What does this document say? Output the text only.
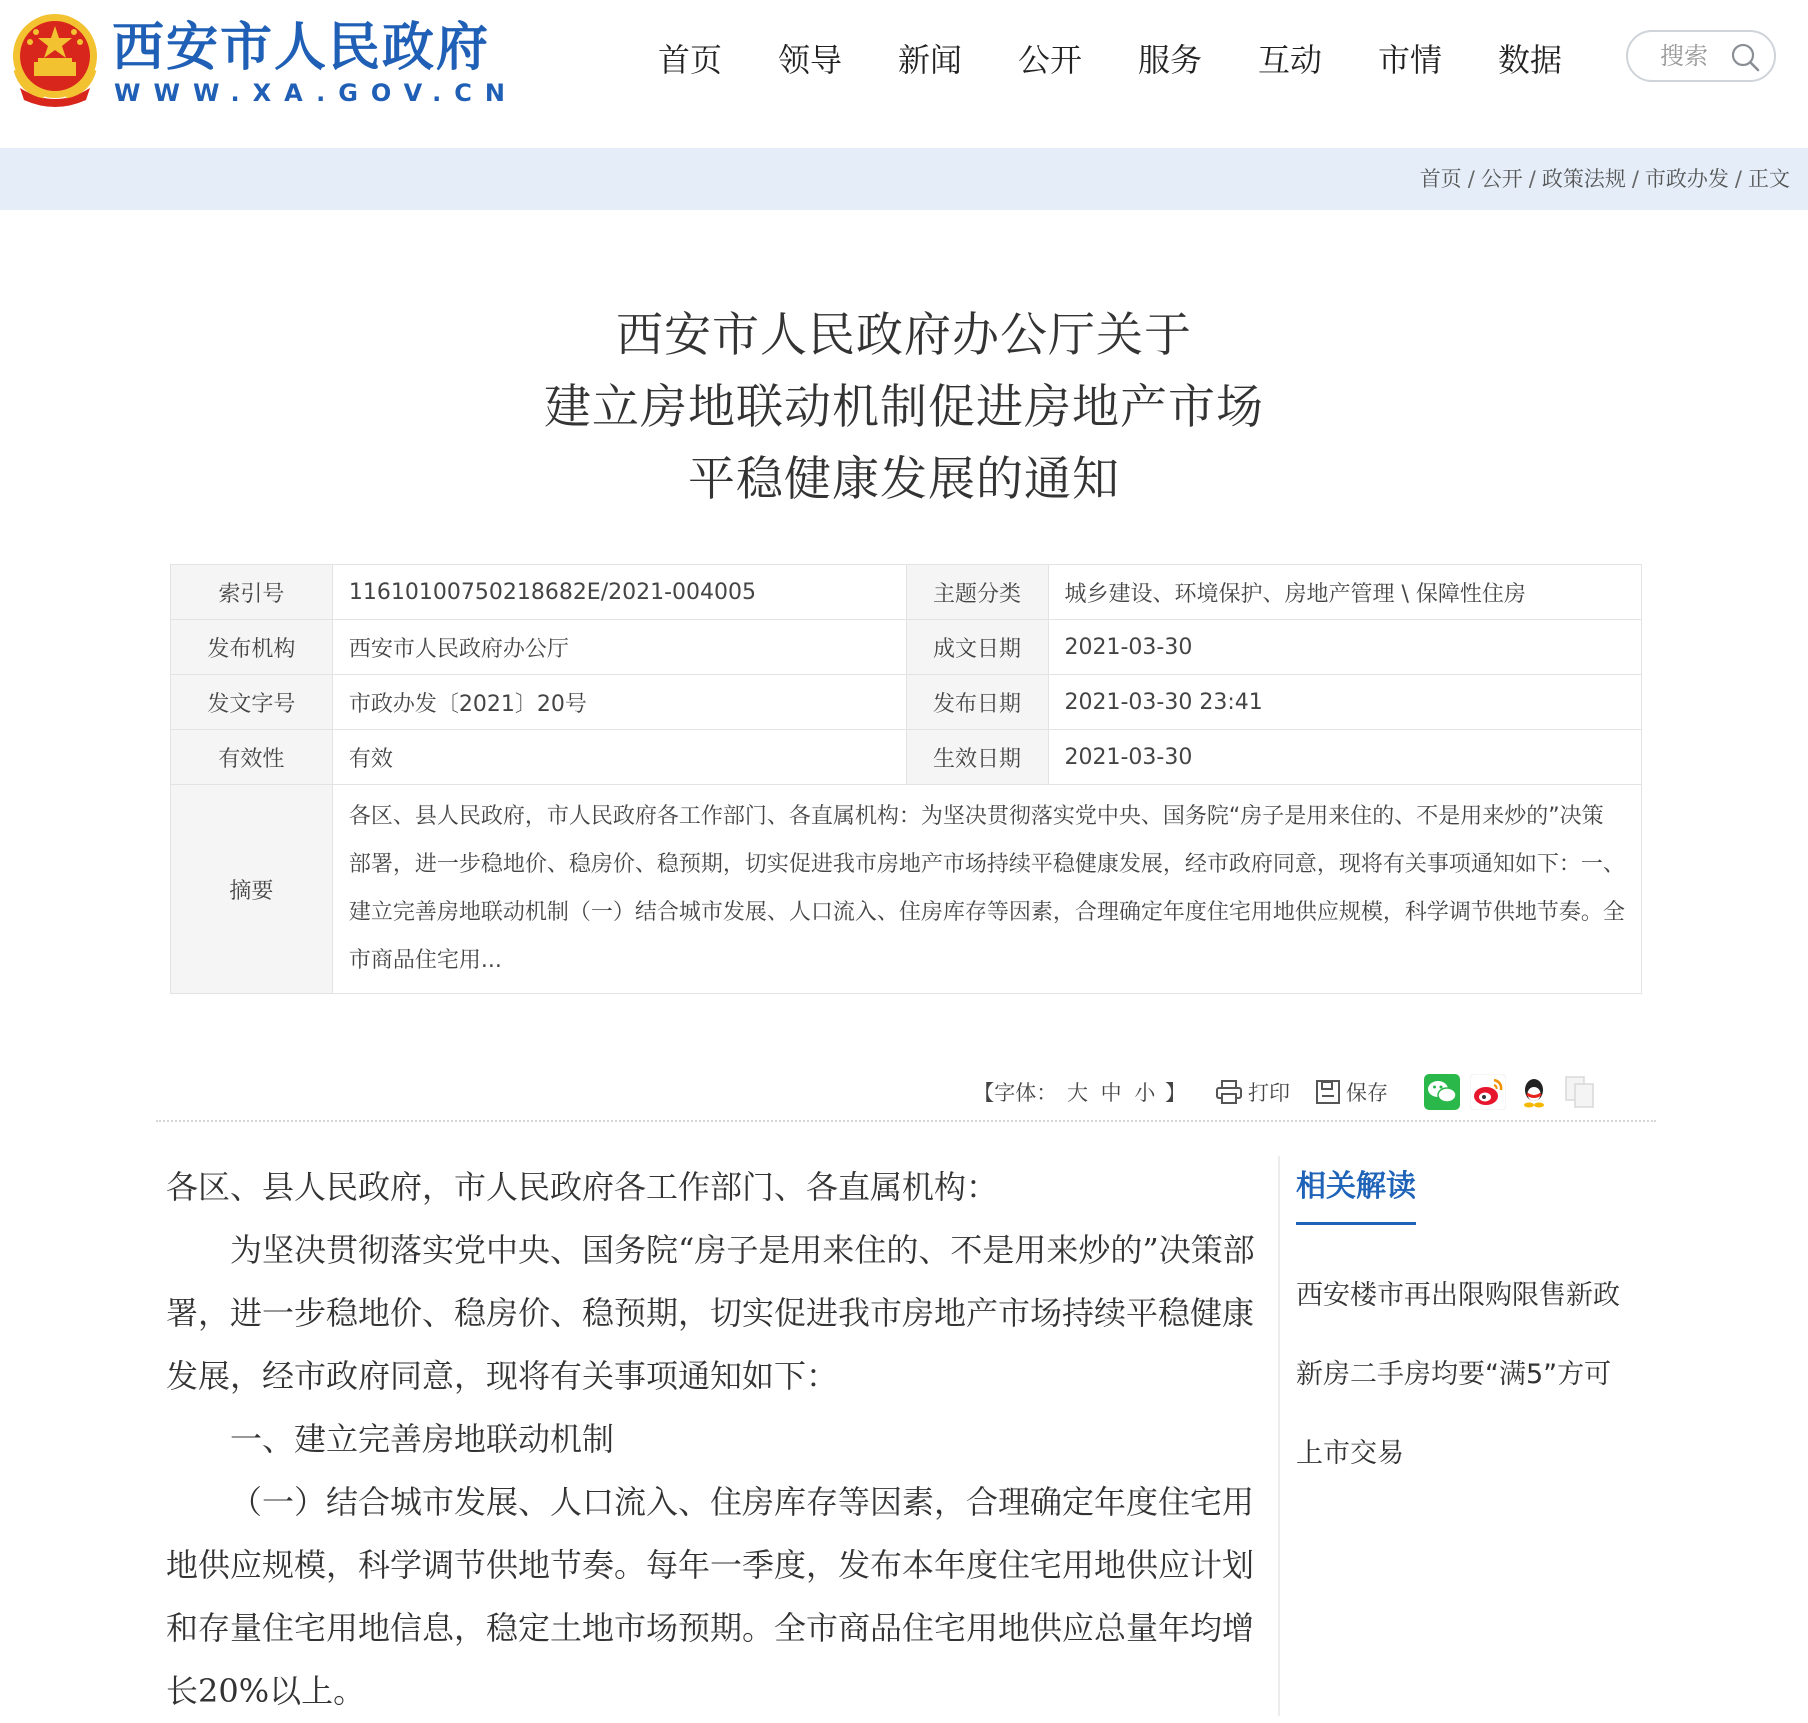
西安市人民政府
WWW.XA.GOV.CN
首页	领导	新闻	公开	服务	互动	市情	数据
搜索
首页 / 公开 / 政策法规 / 市政办发 / 正文
西安市人民政府办公厅关于
建立房地联动机制促进房地产市场
平稳健康发展的通知
索引号	11610100750218682E/2021-004005	主题分类	城乡建设、环境保护、房地产管理 \ 保障性住房
发布机构	西安市人民政府办公厅	成文日期	2021-03-30
发文字号	市政办发〔2021〕20号	发布日期	2021-03-30 23:41
有效性	有效	生效日期	2021-03-30
摘要	各区、县人民政府，市人民政府各工作部门、各直属机构：为坚决贯彻落实党中央、国务院“房子是用来住的、不是用来炒的”决策部署，进一步稳地价、稳房价、稳预期，切实促进我市房地产市场持续平稳健康发展，经市政府同意，现将有关事项通知如下：一、建立完善房地联动机制（一）结合城市发展、人口流入、住房库存等因素，合理确定年度住宅用地供应规模，科学调节供地节奏。全市商品住宅用...		
【字体： 大 中 小 】	打印	保存

各区、县人民政府，市人民政府各工作部门、各直属机构：

为坚决贯彻落实党中央、国务院“房子是用来住的、不是用来炒的”决策部署，进一步稳地价、稳房价、稳预期，切实促进我市房地产市场持续平稳健康发展，经市政府同意，现将有关事项通知如下：

一、建立完善房地联动机制

（一）结合城市发展、人口流入、住房库存等因素，合理确定年度住宅用地供应规模，科学调节供地节奏。每年一季度，发布本年度住宅用地供应计划和存量住宅用地信息，稳定土地市场预期。全市商品住宅用地供应总量年均增长20%以上。

相关解读
西安楼市再出限购限售新政 新房二手房均要“满5”方可上市交易
